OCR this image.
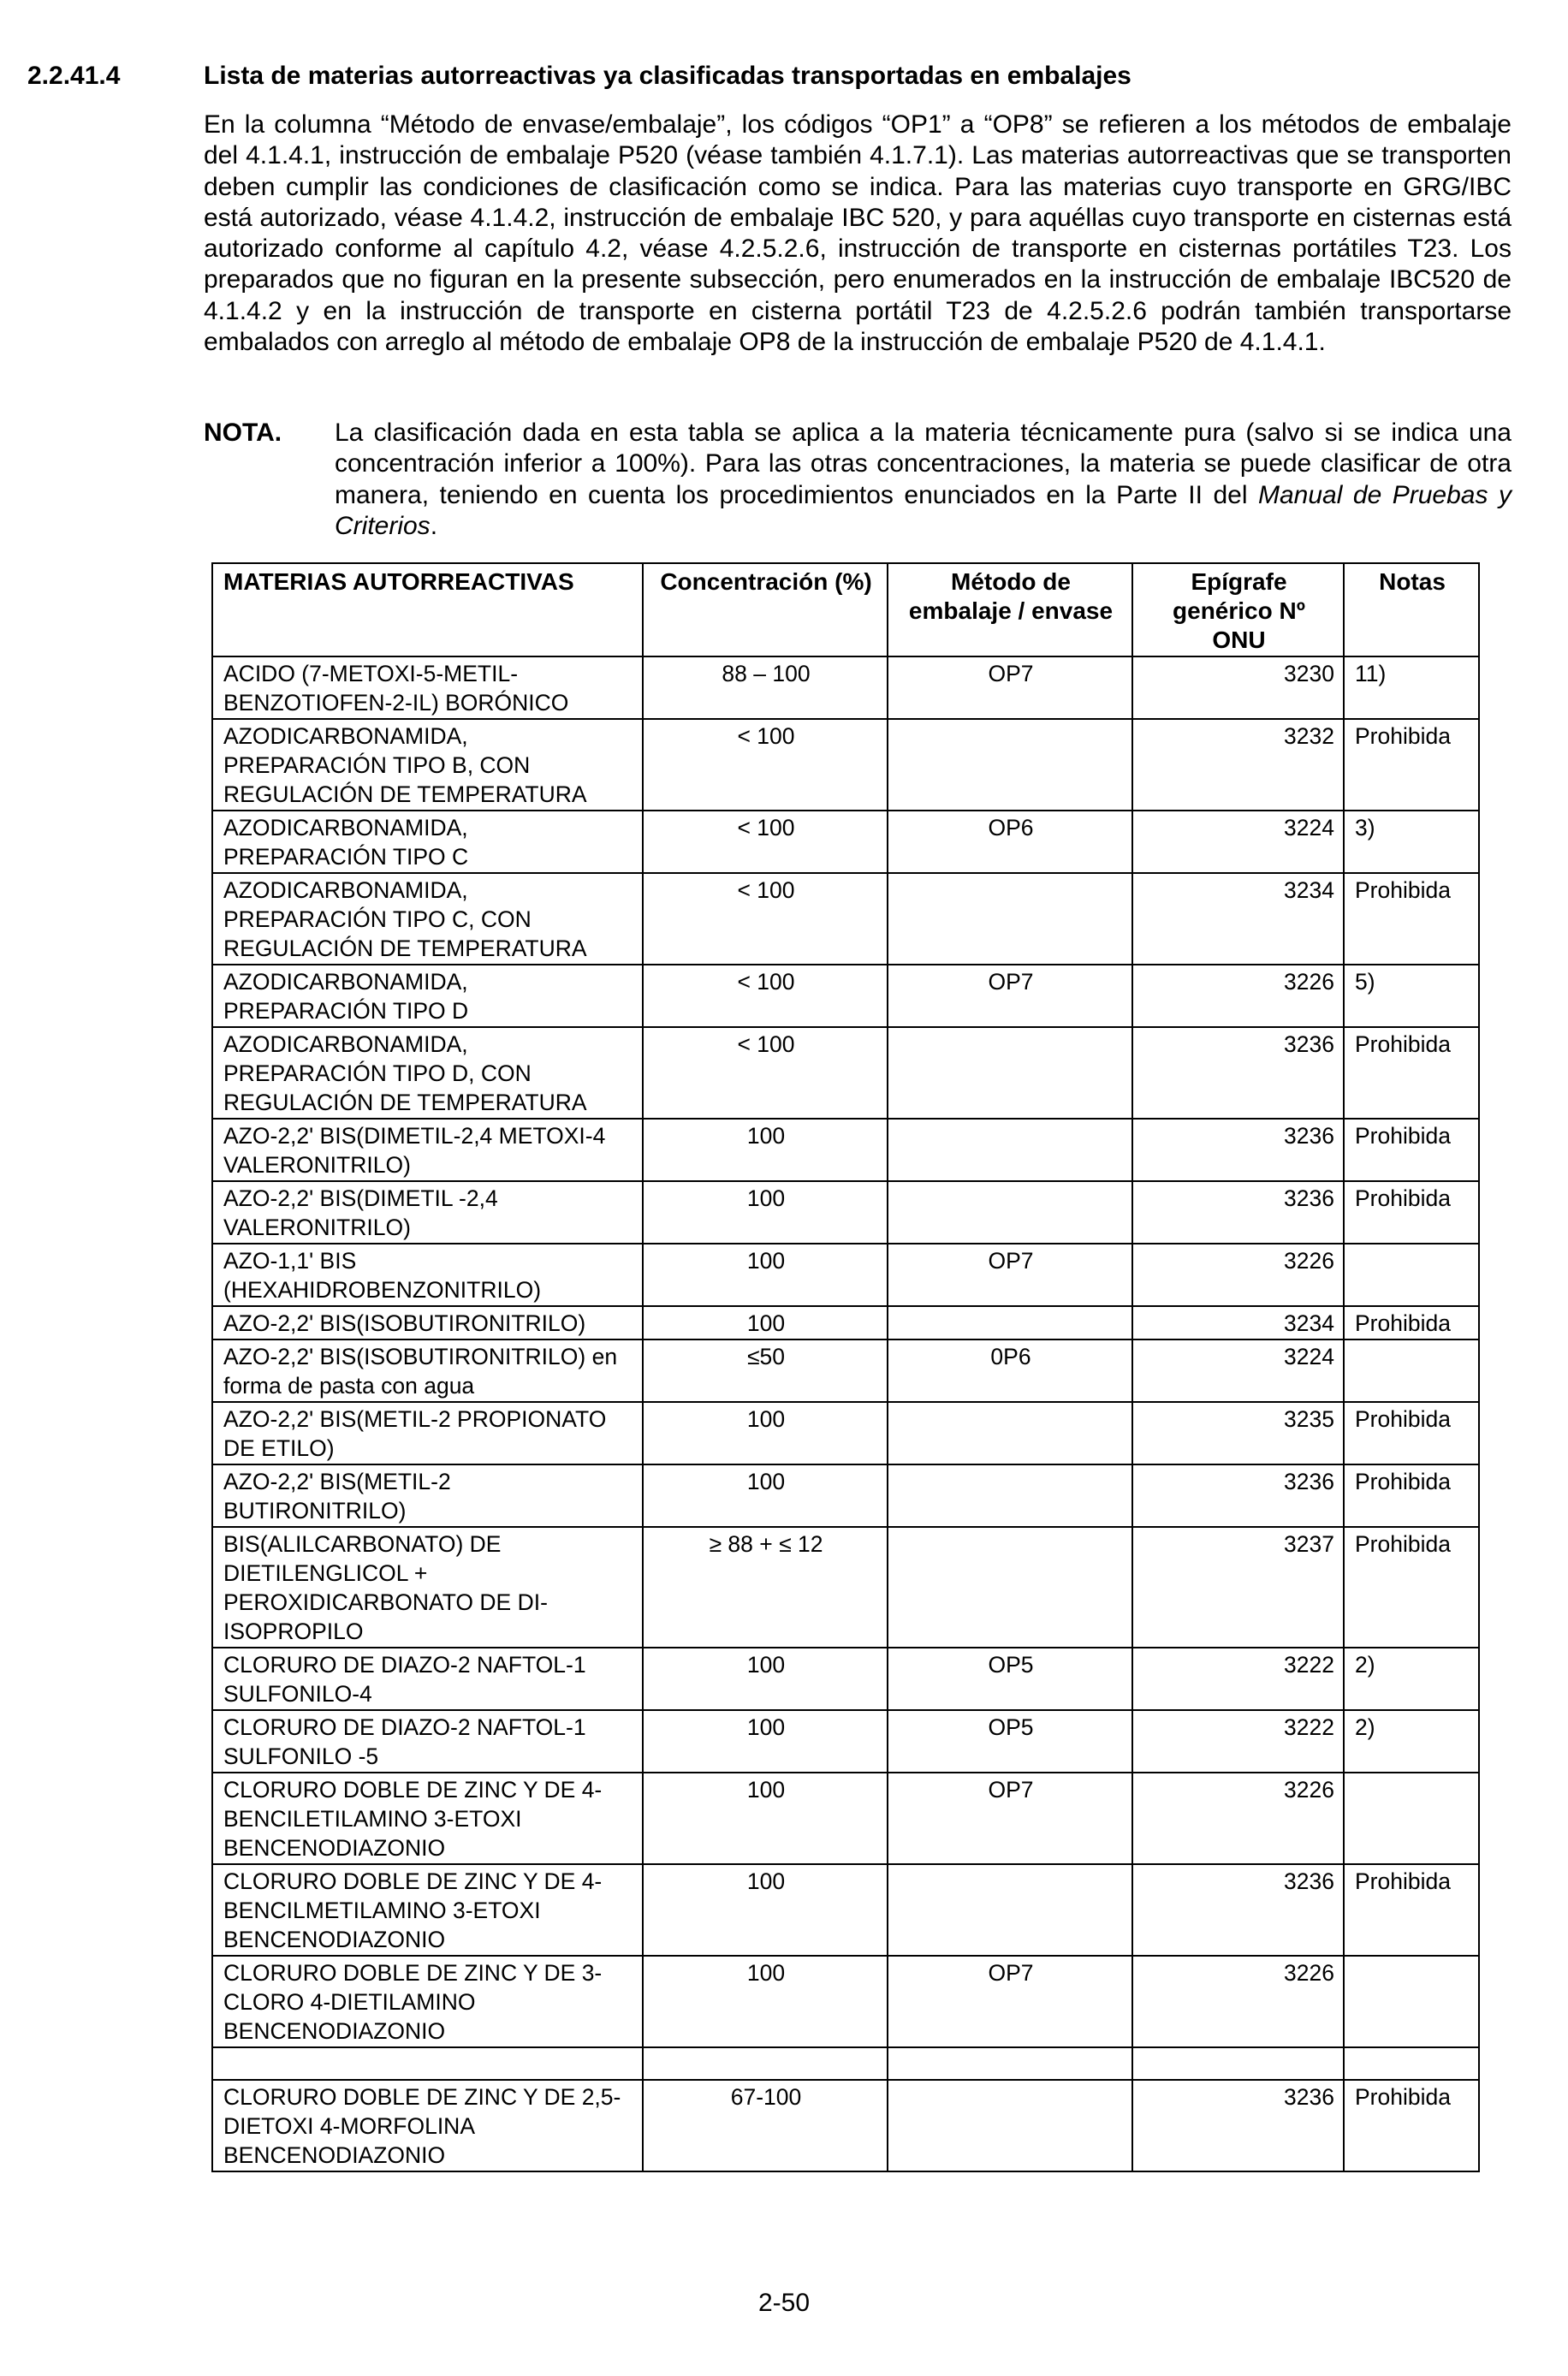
2.2.41.4	Lista de materias autorreactivas ya clasificadas transportadas en embalajes

En la columna “Método de envase/embalaje”, los códigos “OP1” a “OP8” se refieren a los métodos de embalaje del 4.1.4.1, instrucción de embalaje P520 (véase también 4.1.7.1). Las materias autorreactivas que se transporten deben cumplir las condiciones de clasificación como se indica. Para las materias cuyo transporte en GRG/IBC está autorizado, véase 4.1.4.2, instrucción de embalaje IBC 520, y para aquéllas cuyo transporte en cisternas está autorizado conforme al capítulo 4.2, véase 4.2.5.2.6, instrucción de transporte en cisternas portátiles T23. Los preparados que no figuran en la presente subsección, pero enumerados en la instrucción de embalaje IBC520 de 4.1.4.2 y en la instrucción de transporte en cisterna portátil T23 de 4.2.5.2.6 podrán también transportarse embalados con arreglo al método de embalaje OP8 de la instrucción de embalaje P520 de 4.1.4.1.

NOTA. La clasificación dada en esta tabla se aplica a la materia técnicamente pura (salvo si se indica una concentración inferior a 100%). Para las otras concentraciones, la materia se puede clasificar de otra manera, teniendo en cuenta los procedimientos enunciados en la Parte II del Manual de Pruebas y Criterios.
MATERIAS AUTORREACTIVAS	Concentración (%)	Método de embalaje / envase	Epígrafe genérico Nº ONU	Notas
ACIDO (7-METOXI-5-METIL-BENZOTIOFEN-2-IL) BORÓNICO	88 – 100	OP7	3230	11)
AZODICARBONAMIDA, PREPARACIÓN TIPO B, CON REGULACIÓN DE TEMPERATURA	< 100		3232	Prohibida
AZODICARBONAMIDA, PREPARACIÓN TIPO C	< 100	OP6	3224	3)
AZODICARBONAMIDA, PREPARACIÓN TIPO C, CON REGULACIÓN DE TEMPERATURA	< 100		3234	Prohibida
AZODICARBONAMIDA, PREPARACIÓN TIPO D	< 100	OP7	3226	5)
AZODICARBONAMIDA, PREPARACIÓN TIPO D, CON REGULACIÓN DE TEMPERATURA	< 100		3236	Prohibida
AZO-2,2' BIS(DIMETIL-2,4 METOXI-4 VALERONITRILO)	100		3236	Prohibida
AZO-2,2' BIS(DIMETIL -2,4 VALERONITRILO)	100		3236	Prohibida
AZO-1,1' BIS (HEXAHIDROBENZONITRILO)	100	OP7	3226	
AZO-2,2' BIS(ISOBUTIRONITRILO)	100		3234	Prohibida
AZO-2,2' BIS(ISOBUTIRONITRILO) en forma de pasta con agua	≤50	0P6	3224	
AZO-2,2' BIS(METIL-2 PROPIONATO DE ETILO)	100		3235	Prohibida
AZO-2,2' BIS(METIL-2 BUTIRONITRILO)	100		3236	Prohibida
BIS(ALILCARBONATO) DE DIETILENGLICOL + PEROXIDICARBONATO DE DI-ISOPROPILO	≥ 88 + ≤ 12		3237	Prohibida
CLORURO DE DIAZO-2 NAFTOL-1 SULFONILO-4	100	OP5	3222	2)
CLORURO DE DIAZO-2 NAFTOL-1 SULFONILO -5	100	OP5	3222	2)
CLORURO DOBLE DE ZINC Y DE 4-BENCILETILAMINO 3-ETOXI BENCENODIAZONIO	100	OP7	3226	
CLORURO DOBLE DE ZINC Y DE 4-BENCILMETILAMINO 3-ETOXI BENCENODIAZONIO	100		3236	Prohibida
CLORURO DOBLE DE ZINC Y DE 3-CLORO 4-DIETILAMINO BENCENODIAZONIO	100	OP7	3226	

CLORURO DOBLE DE ZINC Y DE 2,5-DIETOXI 4-MORFOLINA BENCENODIAZONIO	67-100		3236	Prohibida
2-50
